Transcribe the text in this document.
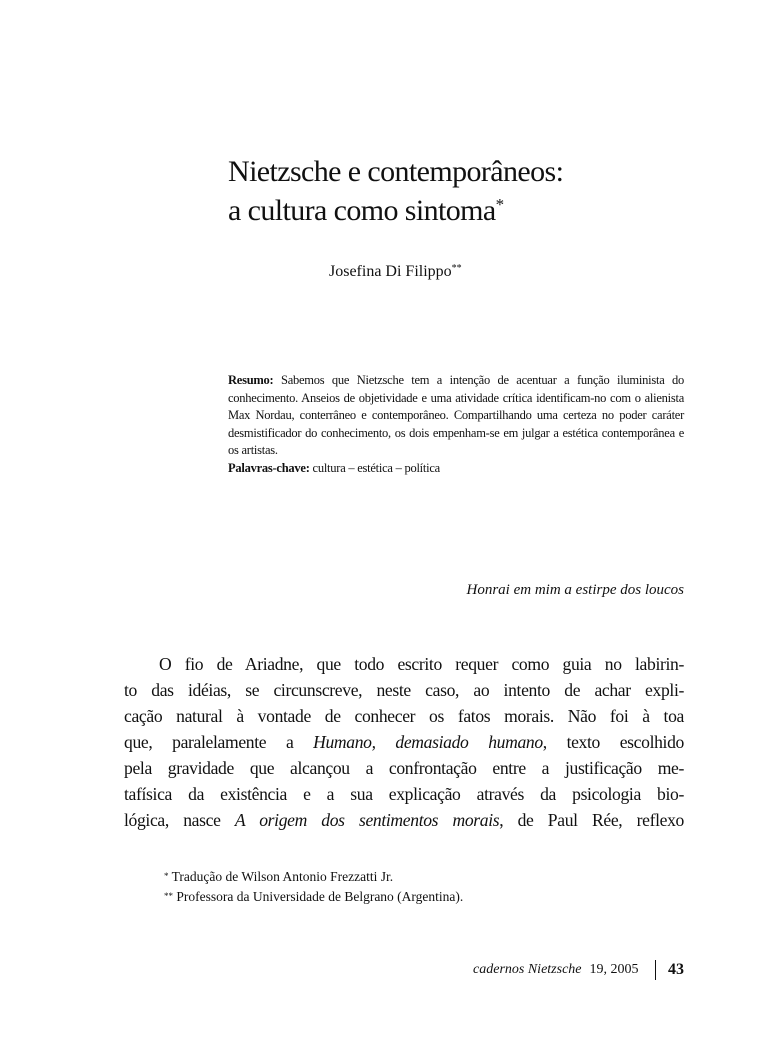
Nietzsche e contemporâneos:
a cultura como sintoma*
Josefina Di Filippo**

Resumo: Sabemos que Nietzsche tem a intenção de acentuar a função iluminista do conhecimento. Anseios de objetividade e uma atividade crítica identificam-no com o alienista Max Nordau, conterrâneo e contemporâneo. Compartilhando uma certeza no poder caráter desmistificador do conhecimento, os dois empenham-se em julgar a estética contemporânea e os artistas.

Palavras-chave: cultura – estética – política

Honrai em mim a estirpe dos loucos
O fio de Ariadne, que todo escrito requer como guia no labirin-
to das idéias, se circunscreve, neste caso, ao intento de achar expli-
cação natural à vontade de conhecer os fatos morais. Não foi à toa
que, paralelamente a Humano, demasiado humano, texto escolhido
pela gravidade que alcançou a confrontação entre a justificação me-
tafísica da existência e a sua explicação através da psicologia bio-
lógica, nasce A origem dos sentimentos morais, de Paul Rée, reflexo
* Tradução de Wilson Antonio Frezzatti Jr.
** Professora da Universidade de Belgrano (Argentina).
cadernos Nietzsche 19, 2005 43
